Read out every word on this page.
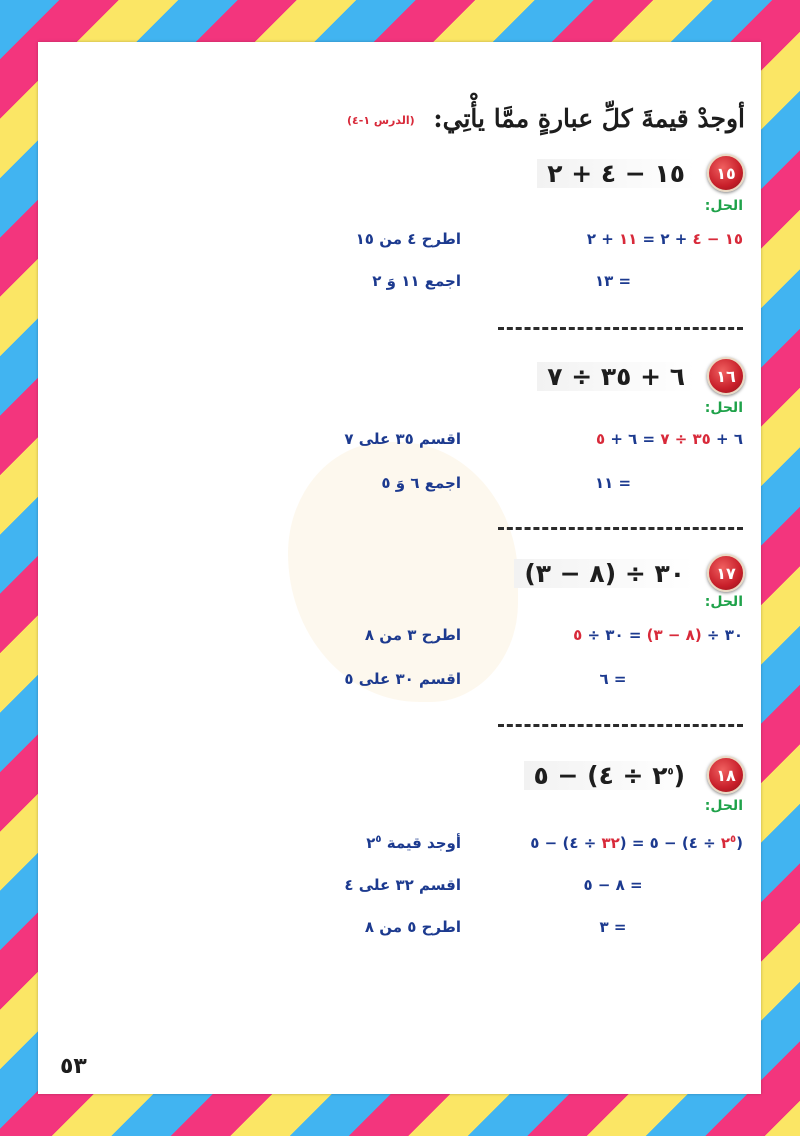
أوجدْ قيمةَ كلِّ عبارةٍ ممَّا يأْتِي: (الدرس ١-٤)
١٥
١٥ − ٤ + ٢
الحل:
١٥ − ٤ + ٢ = ١١ + ٢
اطرح ٤ من ١٥
= ١٣
اجمع ١١ وَ ٢
١٦
٦ + ٣٥ ÷ ٧
الحل:
٦ + ٣٥ ÷ ٧ = ٦ + ٥
اقسم ٣٥ على ٧
= ١١
اجمع ٦ وَ ٥
١٧
٣٠ ÷ (٨ − ٣)
الحل:
٣٠ ÷ (٨ − ٣) = ٣٠ ÷ ٥
اطرح ٣ من ٨
= ٦
اقسم ٣٠ على ٥
١٨
($٢^٥$ ÷ ٤) − ٥
الحل:
($٢^٥$ ÷ ٤) − ٥ = (٣٢ ÷ ٤) − ٥
أوجد قيمة $٢^٥$
= ٨ − ٥
اقسم ٣٢ على ٤
= ٣
اطرح ٥ من ٨
٥٣
